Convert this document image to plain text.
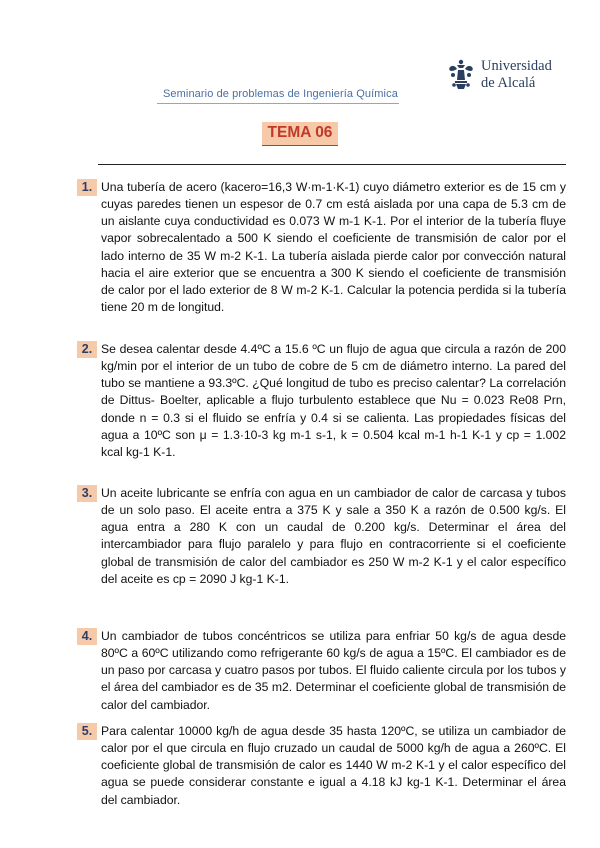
Seminario de problemas de Ingeniería Química
Universidad
de Alcalá
TEMA 06
1. Una tubería de acero (kacero=16,3 W·m-1·K-1) cuyo diámetro exterior es de 15 cm y cuyas paredes tienen un espesor de 0.7 cm está aislada por una capa de 5.3 cm de un aislante cuya conductividad es 0.073 W m-1 K-1. Por el interior de la tubería fluye vapor sobrecalentado a 500 K siendo el coeficiente de transmisión de calor por el lado interno de 35 W m-2 K-1. La tubería aislada pierde calor por convección natural hacia el aire exterior que se encuentra a 300 K siendo el coeficiente de transmisión de calor por el lado exterior de 8 W m-2 K-1. Calcular la potencia perdida si la tubería tiene 20 m de longitud.

2. Se desea calentar desde 4.4ºC a 15.6 ºC un flujo de agua que circula a razón de 200 kg/min por el interior de un tubo de cobre de 5 cm de diámetro interno. La pared del tubo se mantiene a 93.3ºC. ¿Qué longitud de tubo es preciso calentar? La correlación de Dittus- Boelter, aplicable a flujo turbulento establece que Nu = 0.023 Re08 Prn, donde n = 0.3 si el fluido se enfría y 0.4 si se calienta. Las propiedades físicas del agua a 10ºC son μ = 1.3·10-3 kg m-1 s-1, k = 0.504 kcal m-1 h-1 K-1 y cp = 1.002 kcal kg-1 K-1.

3. Un aceite lubricante se enfría con agua en un cambiador de calor de carcasa y tubos de un solo paso. El aceite entra a 375 K y sale a 350 K a razón de 0.500 kg/s. El agua entra a 280 K con un caudal de 0.200 kg/s. Determinar el área del intercambiador para flujo paralelo y para flujo en contracorriente si el coeficiente global de transmisión de calor del cambiador es 250 W m-2 K-1 y el calor específico del aceite es cp = 2090 J kg-1 K-1.

4. Un cambiador de tubos concéntricos se utiliza para enfriar 50 kg/s de agua desde 80ºC a 60ºC utilizando como refrigerante 60 kg/s de agua a 15ºC. El cambiador es de un paso por carcasa y cuatro pasos por tubos. El fluido caliente circula por los tubos y el área del cambiador es de 35 m2. Determinar el coeficiente global de transmisión de calor del cambiador.

5. Para calentar 10000 kg/h de agua desde 35 hasta 120ºC, se utiliza un cambiador de calor por el que circula en flujo cruzado un caudal de 5000 kg/h de agua a 260ºC. El coeficiente global de transmisión de calor es 1440 W m-2 K-1 y el calor específico del agua se puede considerar constante e igual a 4.18 kJ kg-1 K-1. Determinar el área del cambiador.
